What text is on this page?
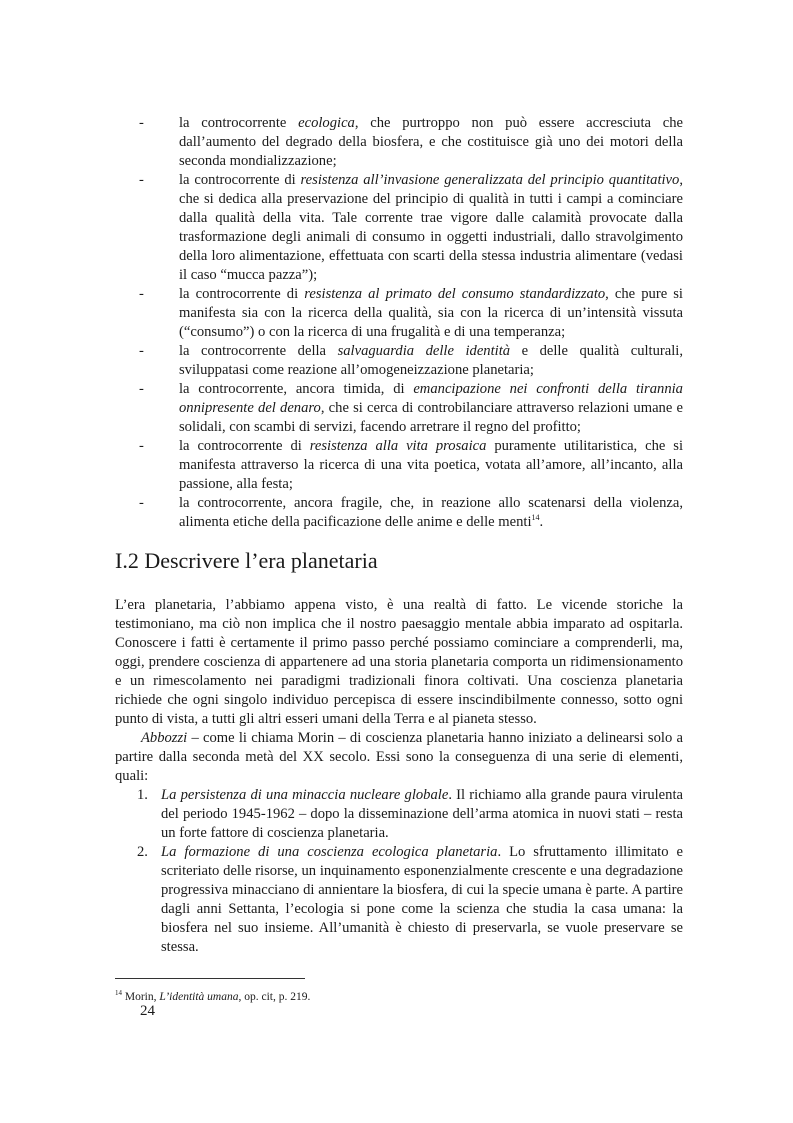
- la controcorrente ecologica, che purtroppo non può essere accresciuta che dall’aumento del degrado della biosfera, e che costituisce già uno dei motori della seconda mondializzazione;
- la controcorrente di resistenza all’invasione generalizzata del principio quantitativo, che si dedica alla preservazione del principio di qualità in tutti i campi a cominciare dalla qualità della vita. Tale corrente trae vigore dalle calamità provocate dalla trasformazione degli animali di consumo in oggetti industriali, dallo stravolgimento della loro alimentazione, effettuata con scarti della stessa industria alimentare (vedasi il caso “mucca pazza”);
- la controcorrente di resistenza al primato del consumo standardizzato, che pure si manifesta sia con la ricerca della qualità, sia con la ricerca di un’intensità vissuta (“consumo”) o con la ricerca di una frugalità e di una temperanza;
- la controcorrente della salvaguardia delle identità e delle qualità culturali, sviluppatasi come reazione all’omogeneizzazione planetaria;
- la controcorrente, ancora timida, di emancipazione nei confronti della tirannia onnipresente del denaro, che si cerca di controbilanciare attraverso relazioni umane e solidali, con scambi di servizi, facendo arretrare il regno del profitto;
- la controcorrente di resistenza alla vita prosaica puramente utilitaristica, che si manifesta attraverso la ricerca di una vita poetica, votata all’amore, all’incanto, alla passione, alla festa;
- la controcorrente, ancora fragile, che, in reazione allo scatenarsi della violenza, alimenta etiche della pacificazione delle anime e delle menti$^{14}$.
I.2 Descrivere l’era planetaria

L’era planetaria, l’abbiamo appena visto, è una realtà di fatto. Le vicende storiche la testimoniano, ma ciò non implica che il nostro paesaggio mentale abbia imparato ad ospitarla. Conoscere i fatti è certamente il primo passo perché possiamo cominciare a comprenderli, ma, oggi, prendere coscienza di appartenere ad una storia planetaria comporta un ridimensionamento e un rimescolamento nei paradigmi tradizionali finora coltivati. Una coscienza planetaria richiede che ogni singolo individuo percepisca di essere inscindibilmente connesso, sotto ogni punto di vista, a tutti gli altri esseri umani della Terra e al pianeta stesso.

Abbozzi – come li chiama Morin – di coscienza planetaria hanno iniziato a delinearsi solo a partire dalla seconda metà del XX secolo. Essi sono la conseguenza di una serie di elementi, quali:

1. La persistenza di una minaccia nucleare globale. Il richiamo alla grande paura virulenta del periodo 1945-1962 – dopo la disseminazione dell’arma atomica in nuovi stati – resta un forte fattore di coscienza planetaria.
2. La formazione di una coscienza ecologica planetaria. Lo sfruttamento illimitato e scriteriato delle risorse, un inquinamento esponenzialmente crescente e una degradazione progressiva minacciano di annientare la biosfera, di cui la specie umana è parte. A partire dagli anni Settanta, l’ecologia si pone come la scienza che studia la casa umana: la biosfera nel suo insieme. All’umanità è chiesto di preservarla, se vuole preservare se stessa.
$^{14}$ Morin, L’identità umana, op. cit, p. 219.
24
